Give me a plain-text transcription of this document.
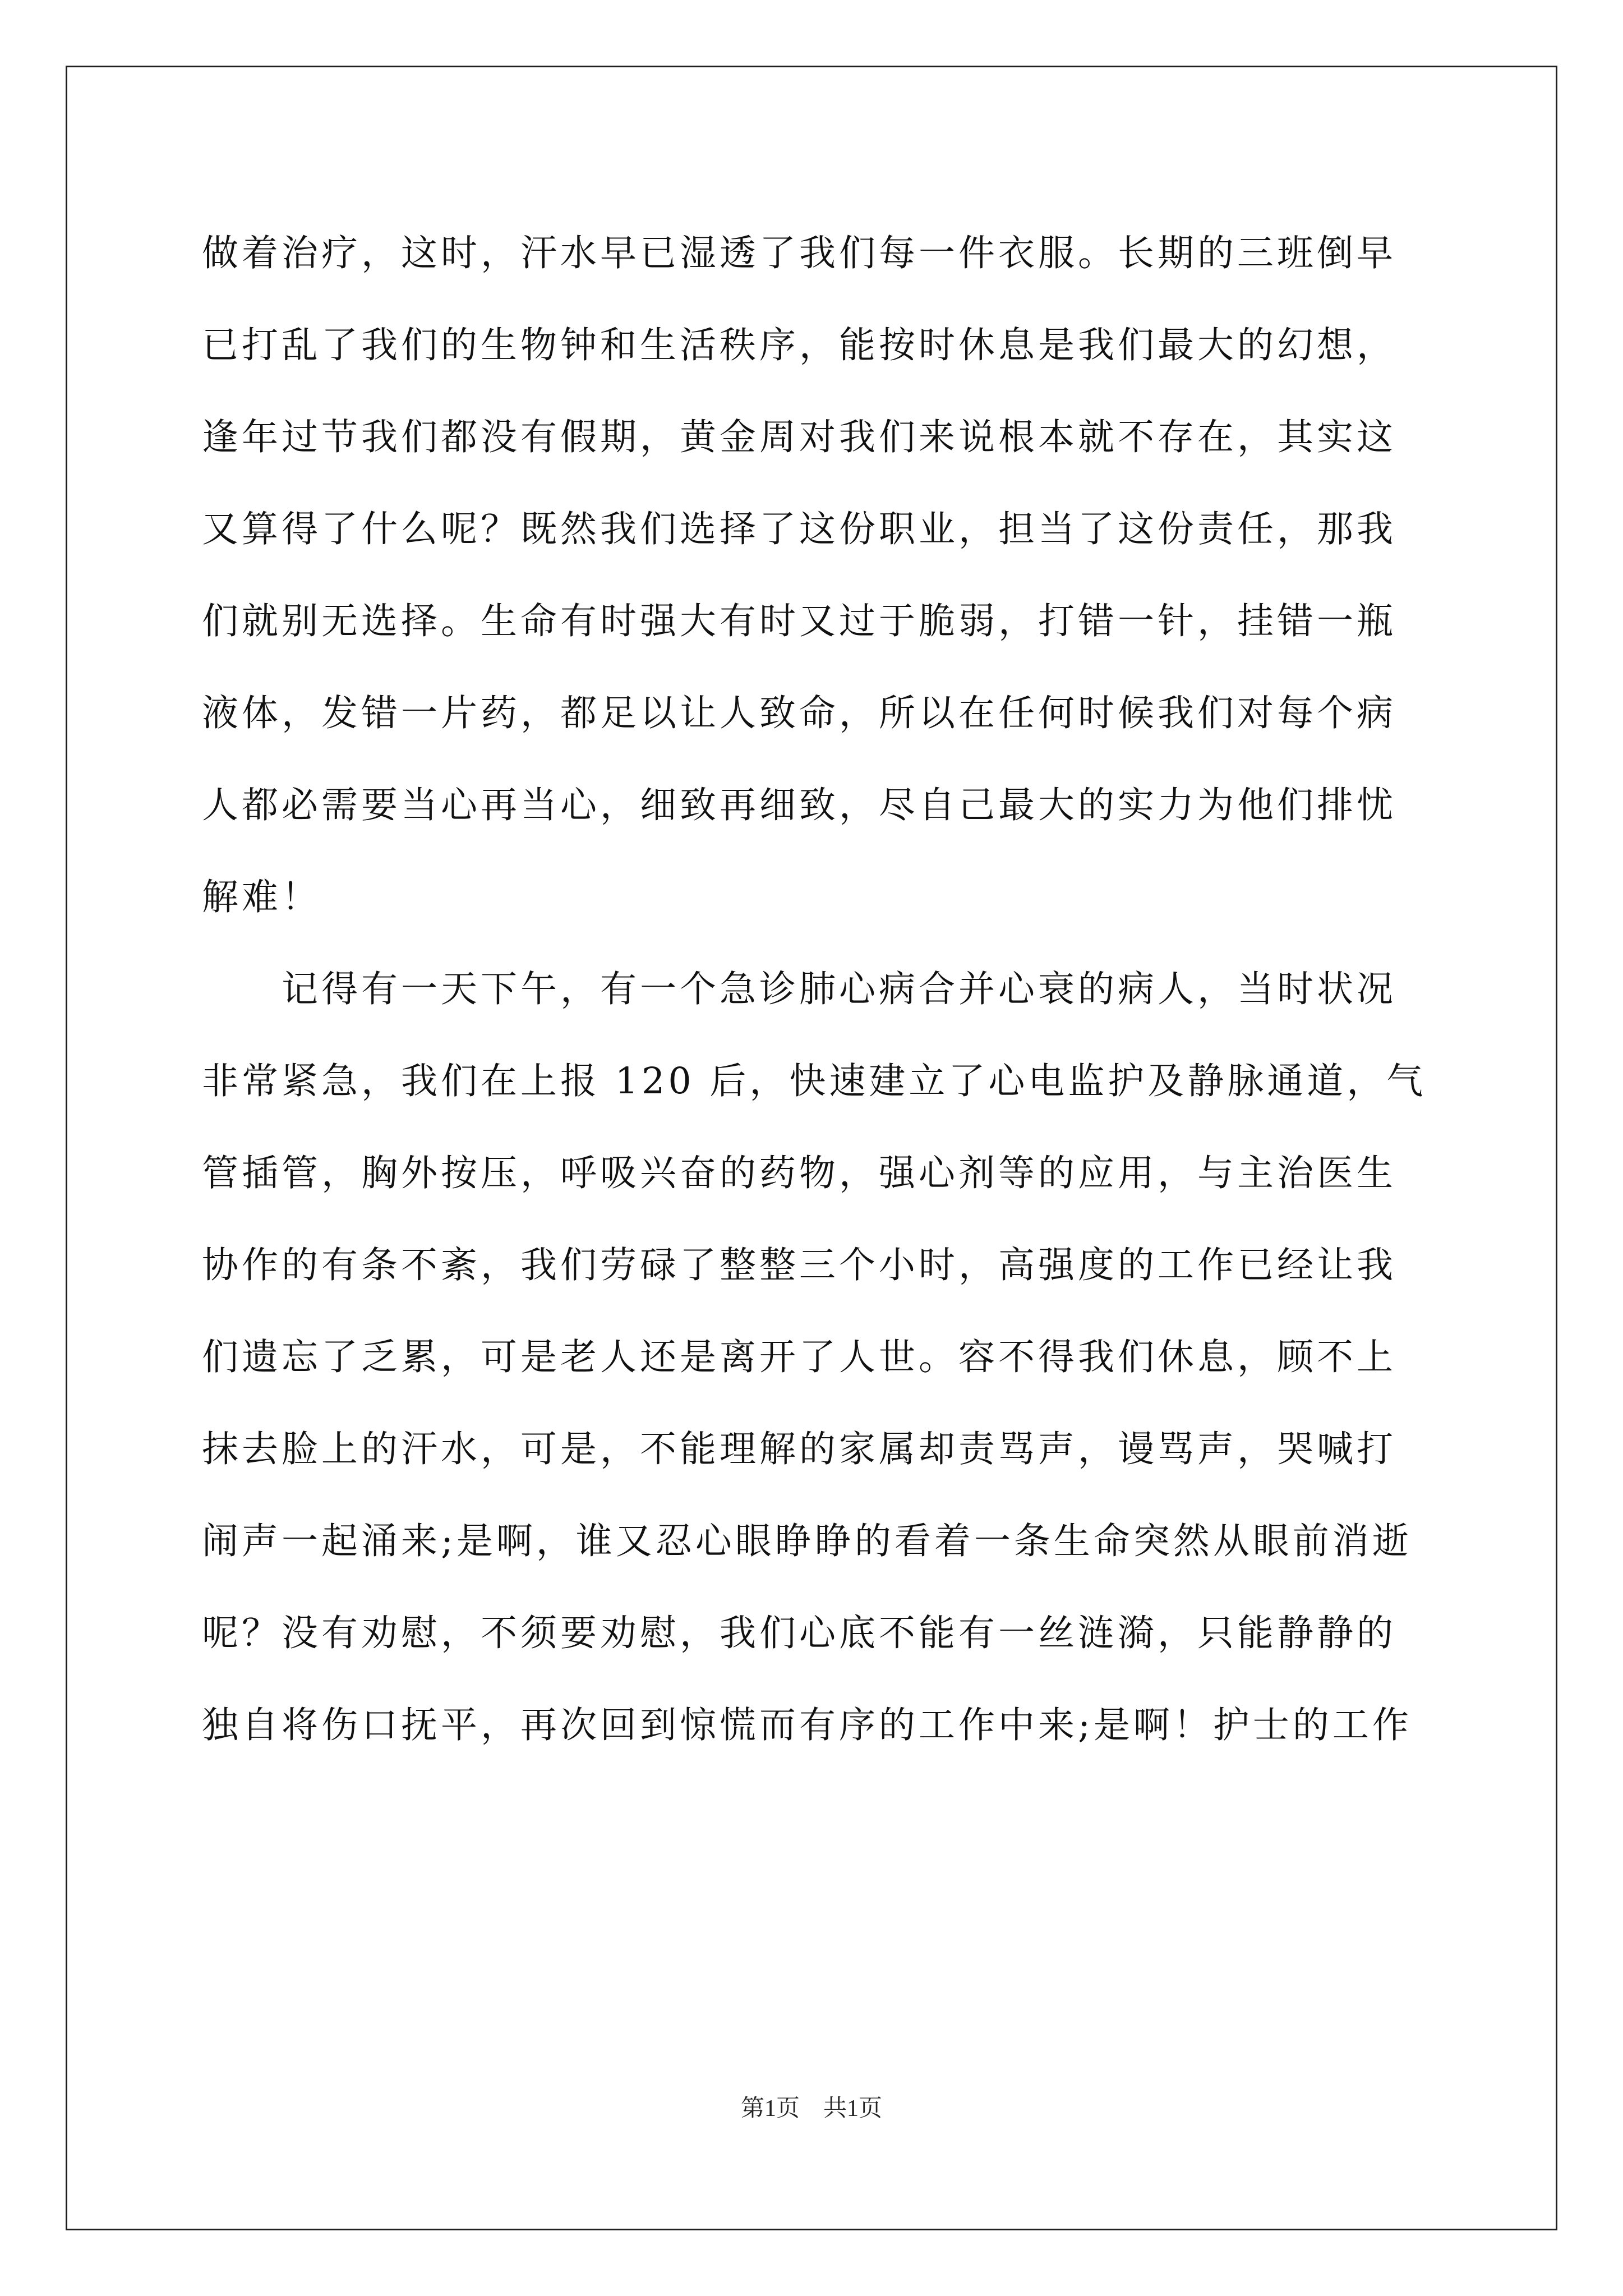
做着治疗，这时，汗水早已湿透了我们每一件衣服。长期的三班倒早
已打乱了我们的生物钟和生活秩序，能按时休息是我们最大的幻想，
逢年过节我们都没有假期，黄金周对我们来说根本就不存在，其实这
又算得了什么呢？既然我们选择了这份职业，担当了这份责任，那我
们就别无选择。生命有时强大有时又过于脆弱，打错一针，挂错一瓶
液体，发错一片药，都足以让人致命，所以在任何时候我们对每个病
人都必需要当心再当心，细致再细致，尽自己最大的实力为他们排忧
解难！
　　记得有一天下午，有一个急诊肺心病合并心衰的病人，当时状况
非常紧急，我们在上报 120 后，快速建立了心电监护及静脉通道，气
管插管，胸外按压，呼吸兴奋的药物，强心剂等的应用，与主治医生
协作的有条不紊，我们劳碌了整整三个小时，高强度的工作已经让我
们遗忘了乏累，可是老人还是离开了人世。容不得我们休息，顾不上
抹去脸上的汗水，可是，不能理解的家属却责骂声，谩骂声，哭喊打
闹声一起涌来;是啊，谁又忍心眼睁睁的看着一条生命突然从眼前消逝
呢？没有劝慰，不须要劝慰，我们心底不能有一丝涟漪，只能静静的
独自将伤口抚平，再次回到惊慌而有序的工作中来;是啊！护士的工作
第1页　共1页
